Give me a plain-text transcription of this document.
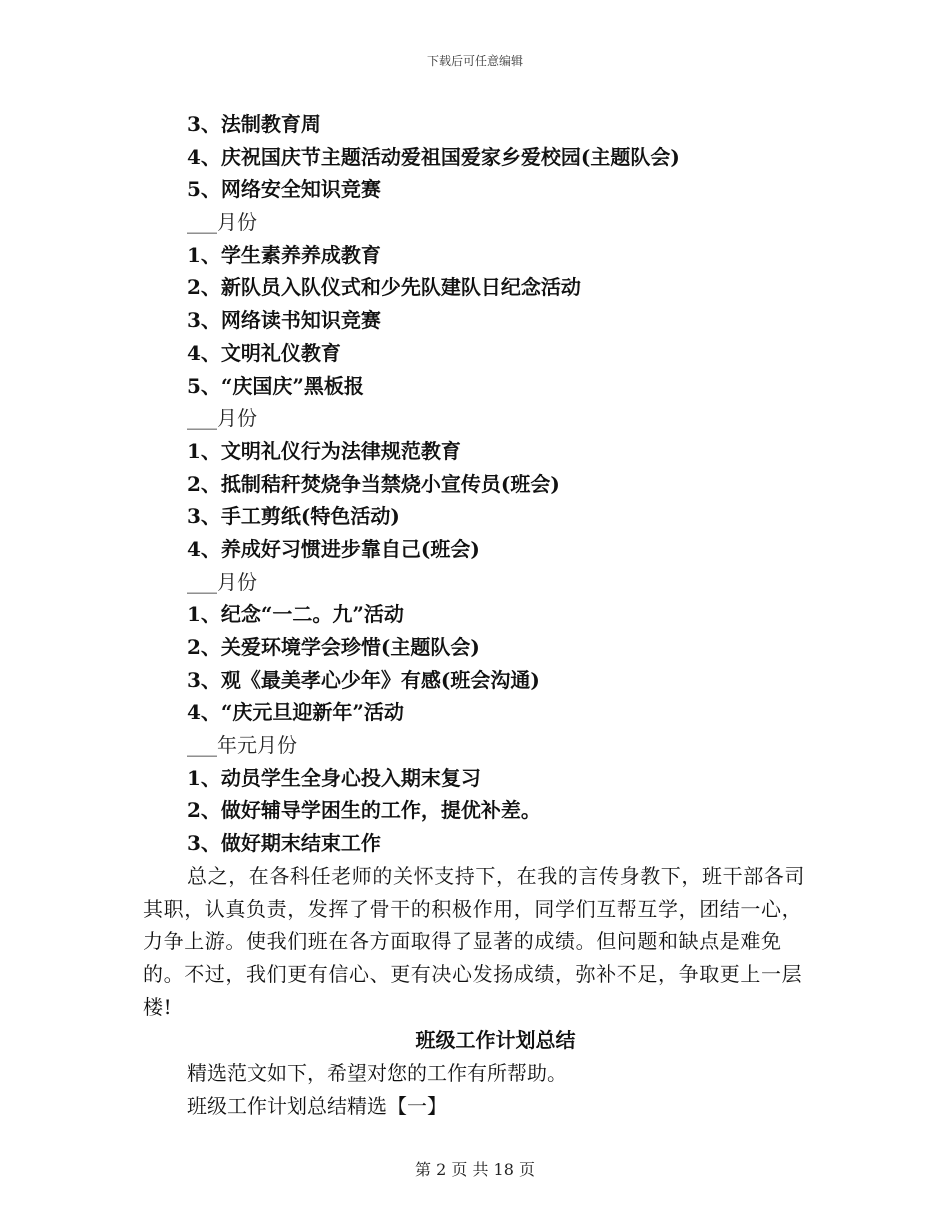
下载后可任意编辑
3、法制教育周
4、庆祝国庆节主题活动爱祖国爱家乡爱校园(主题队会)
5、网络安全知识竞赛
___月份
1、学生素养养成教育
2、新队员入队仪式和少先队建队日纪念活动
3、网络读书知识竞赛
4、文明礼仪教育
5、“庆国庆”黑板报
___月份
1、文明礼仪行为法律规范教育
2、抵制秸秆焚烧争当禁烧小宣传员(班会)
3、手工剪纸(特色活动)
4、养成好习惯进步靠自己(班会)
___月份
1、纪念“一二。九”活动
2、关爱环境学会珍惜(主题队会)
3、观《最美孝心少年》有感(班会沟通)
4、“庆元旦迎新年”活动
___年元月份
1、动员学生全身心投入期末复习
2、做好辅导学困生的工作，提优补差。
3、做好期末结束工作
总之，在各科任老师的关怀支持下，在我的言传身教下，班干部各司其职，认真负责，发挥了骨干的积极作用，同学们互帮互学，团结一心，力争上游。使我们班在各方面取得了显著的成绩。但问题和缺点是难免的。不过，我们更有信心、更有决心发扬成绩，弥补不足，争取更上一层楼!
班级工作计划总结
精选范文如下，希望对您的工作有所帮助。
班级工作计划总结精选【一】
第 2 页 共 18 页
